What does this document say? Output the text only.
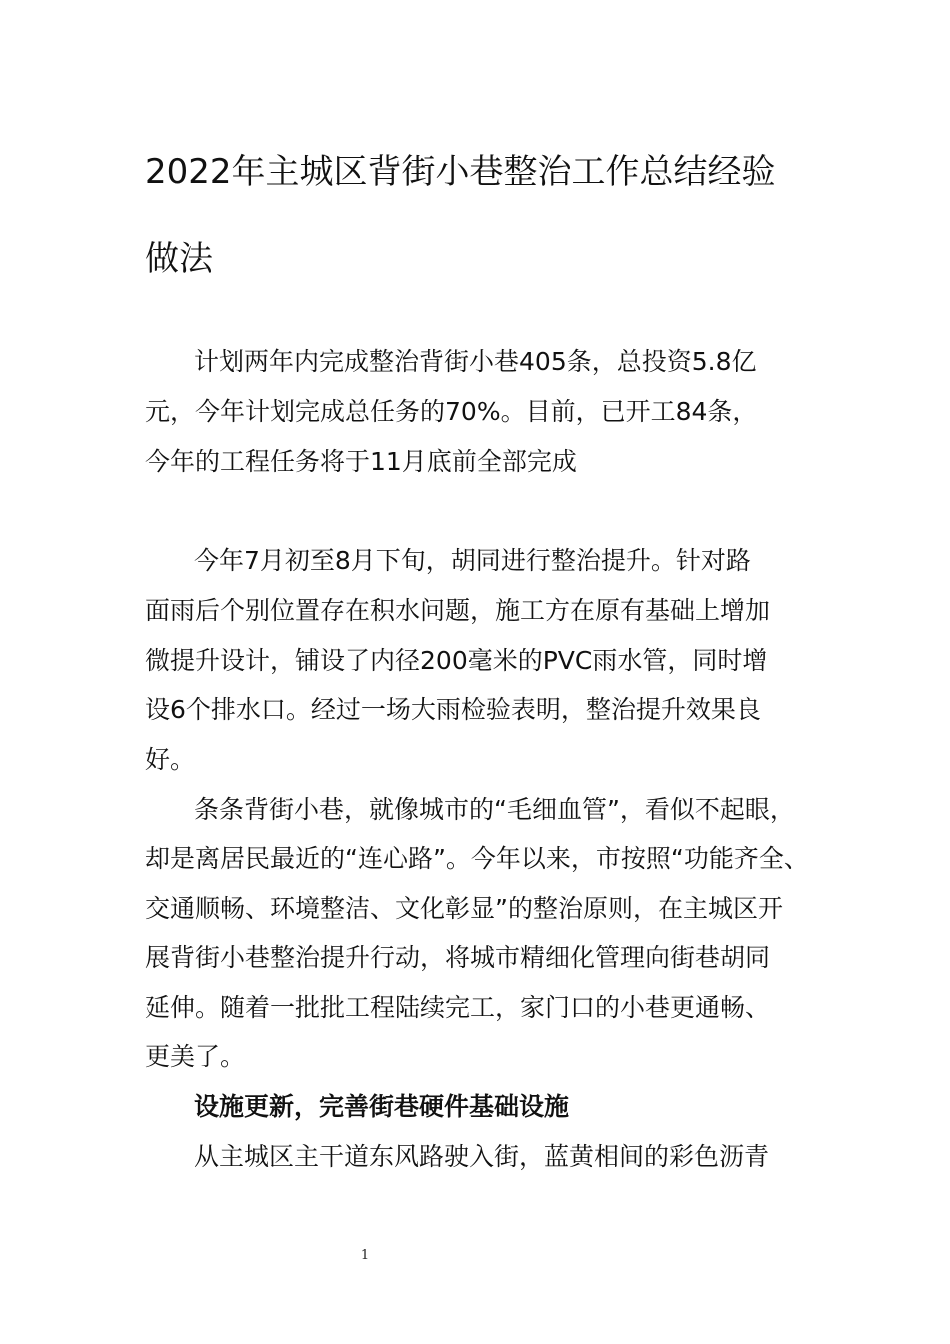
2022年主城区背街小巷整治工作总结经验
做法
计划两年内完成整治背街小巷405条，总投资5.8亿
元，今年计划完成总任务的70%。目前，已开工84条，
今年的工程任务将于11月底前全部完成
今年7月初至8月下旬，胡同进行整治提升。针对路
面雨后个别位置存在积水问题，施工方在原有基础上增加
微提升设计，铺设了内径200毫米的PVC雨水管，同时增
设6个排水口。经过一场大雨检验表明，整治提升效果良
好。
条条背街小巷，就像城市的“毛细血管”，看似不起眼，
却是离居民最近的“连心路”。今年以来，市按照“功能齐全、
交通顺畅、环境整洁、文化彰显”的整治原则，在主城区开
展背街小巷整治提升行动，将城市精细化管理向街巷胡同
延伸。随着一批批工程陆续完工，家门口的小巷更通畅、
更美了。
设施更新，完善街巷硬件基础设施
从主城区主干道东风路驶入街，蓝黄相间的彩色沥青
1
